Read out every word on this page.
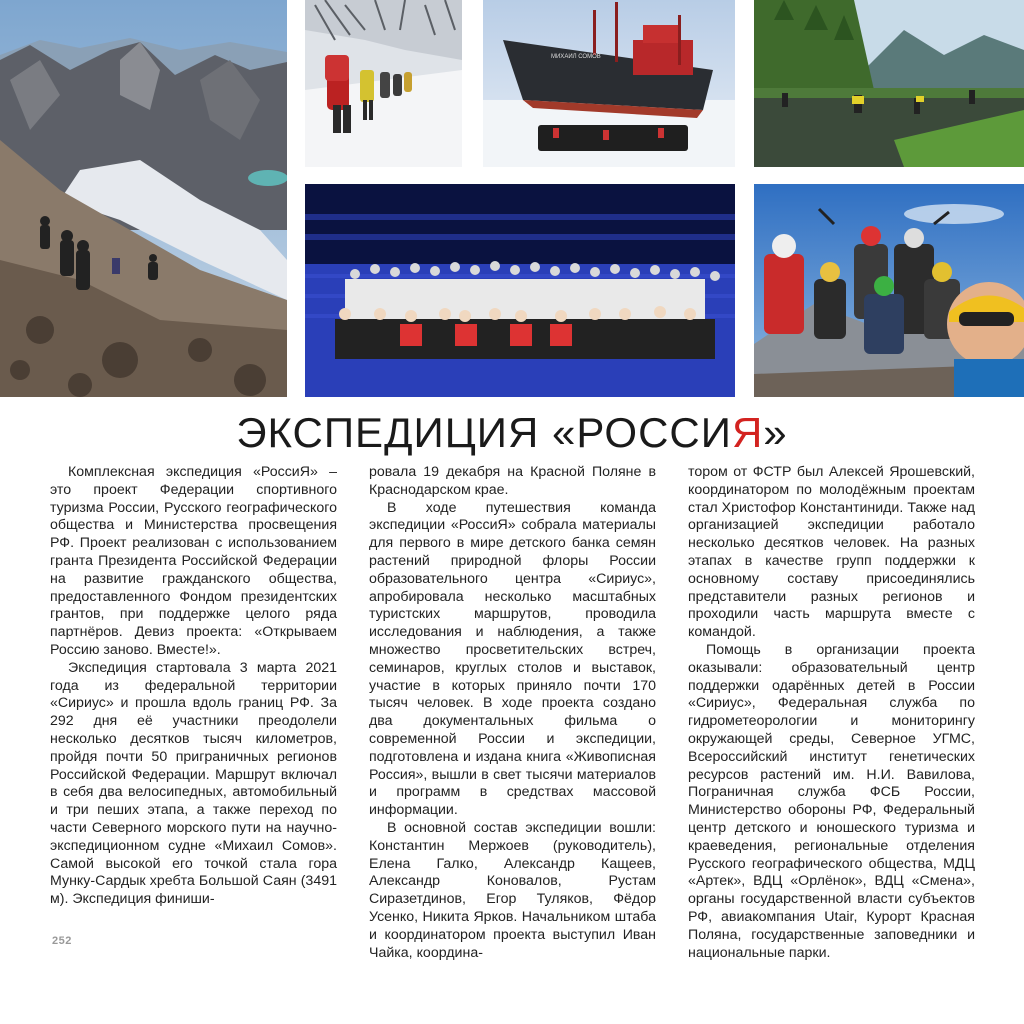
МИХАИЛ СОМОВ
ЭКСПЕДИЦИЯ «РОССИЯ»

Комплексная экспедиция «РоссиЯ» – это проект Федерации спортивного туризма России, Русского географического общества и Министерства просвещения РФ. Проект реализован с использованием гранта Президента Российской Федерации на развитие гражданского общества, предоставленного Фондом президентских грантов, при поддержке целого ряда партнёров. Девиз проекта: «Открываем Россию заново. Вместе!».

Экспедиция стартовала 3 марта 2021 года из федеральной территории «Сириус» и прошла вдоль границ РФ. За 292 дня её участники преодолели несколько десятков тысяч километров, пройдя почти 50 приграничных регионов Российской Федерации. Маршрут включал в себя два велосипедных, автомобильный и три пеших этапа, а также переход по части Северного морского пути на научно-экспедиционном судне «Михаил Сомов». Самой высокой его точкой стала гора Мунку-Сардык хребта Большой Саян (3491 м). Экспедиция финиши-

ровала 19 декабря на Красной Поляне в Краснодарском крае.

В ходе путешествия команда экспедиции «РоссиЯ» собрала материалы для первого в мире детского банка семян растений природной флоры России образовательного центра «Сириус», апробировала несколько масштабных туристских маршрутов, проводила исследования и наблюдения, а также множество просветительских встреч, семинаров, круглых столов и выставок, участие в которых приняло почти 170 тысяч человек. В ходе проекта создано два документальных фильма о современной России и экспедиции, подготовлена и издана книга «Живописная Россия», вышли в свет тысячи материалов и программ в средствах массовой информации.

В основной состав экспедиции вошли: Константин Мержоев (руководитель), Елена Галко, Александр Кащеев, Александр Коновалов, Рустам Сиразетдинов, Егор Туляков, Фёдор Усенко, Никита Ярков. Начальником штаба и координатором проекта выступил Иван Чайка, координа-

тором от ФСТР был Алексей Ярошевский, координатором по молодёжным проектам стал Христофор Константиниди. Также над организацией экспедиции работало несколько десятков человек. На разных этапах в качестве групп поддержки к основному составу присоединялись представители разных регионов и проходили часть маршрута вместе с командой.

Помощь в организации проекта оказывали: образовательный центр поддержки одарённых детей в России «Сириус», Федеральная служба по гидрометеорологии и мониторингу окружающей среды, Северное УГМС, Всероссийский институт генетических ресурсов растений им. Н.И. Вавилова, Пограничная служба ФСБ России, Министерство обороны РФ, Федеральный центр детского и юношеского туризма и краеведения, региональные отделения Русского географического общества, МДЦ «Артек», ВДЦ «Орлёнок», ВДЦ «Смена», органы государственной власти субъектов РФ, авиакомпания Utair, Курорт Красная Поляна, государственные заповедники и национальные парки.

252
